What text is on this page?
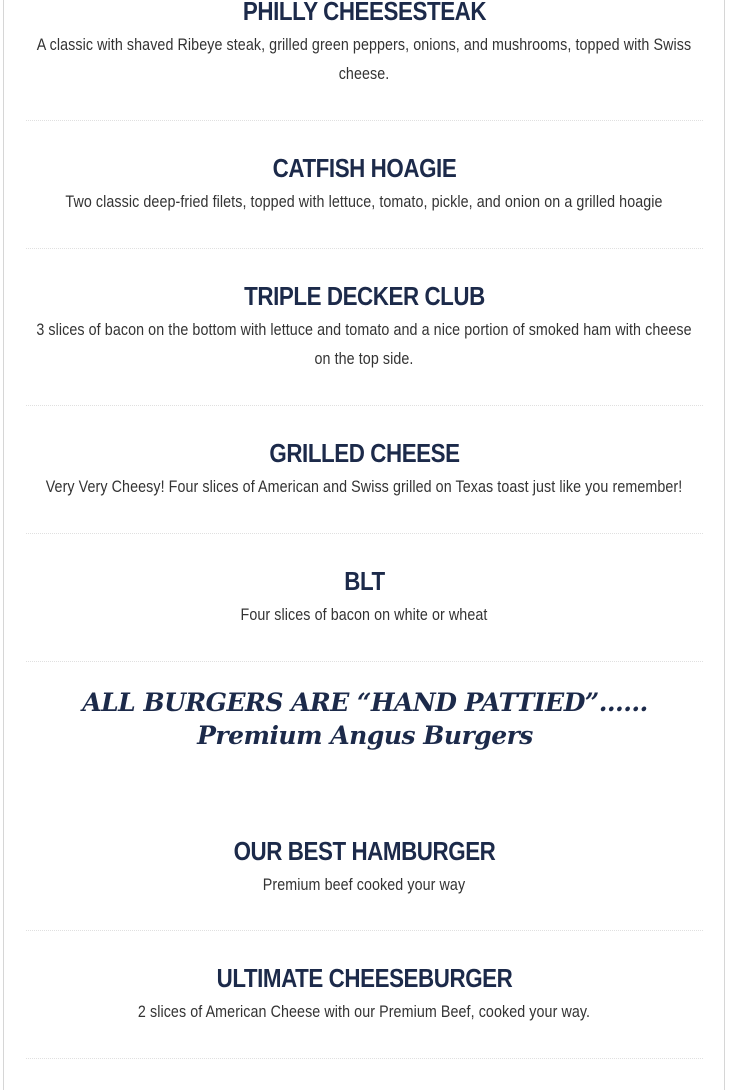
PHILLY CHEESESTEAK
A classic with shaved Ribeye steak, grilled green peppers, onions, and mushrooms, topped with Swiss cheese.
CATFISH HOAGIE
Two classic deep-fried filets, topped with lettuce, tomato, pickle, and onion on a grilled hoagie
TRIPLE DECKER CLUB
3 slices of bacon on the bottom with lettuce and tomato and a nice portion of smoked ham with cheese on the top side.
GRILLED CHEESE
Very Very Cheesy! Four slices of American and Swiss grilled on Texas toast just like you remember!
BLT
Four slices of bacon on white or wheat
ALL BURGERS ARE “HAND PATTIED”……Premium Angus Burgers
OUR BEST HAMBURGER
Premium beef cooked your way
ULTIMATE CHEESEBURGER
2 slices of American Cheese with our Premium Beef, cooked your way.
